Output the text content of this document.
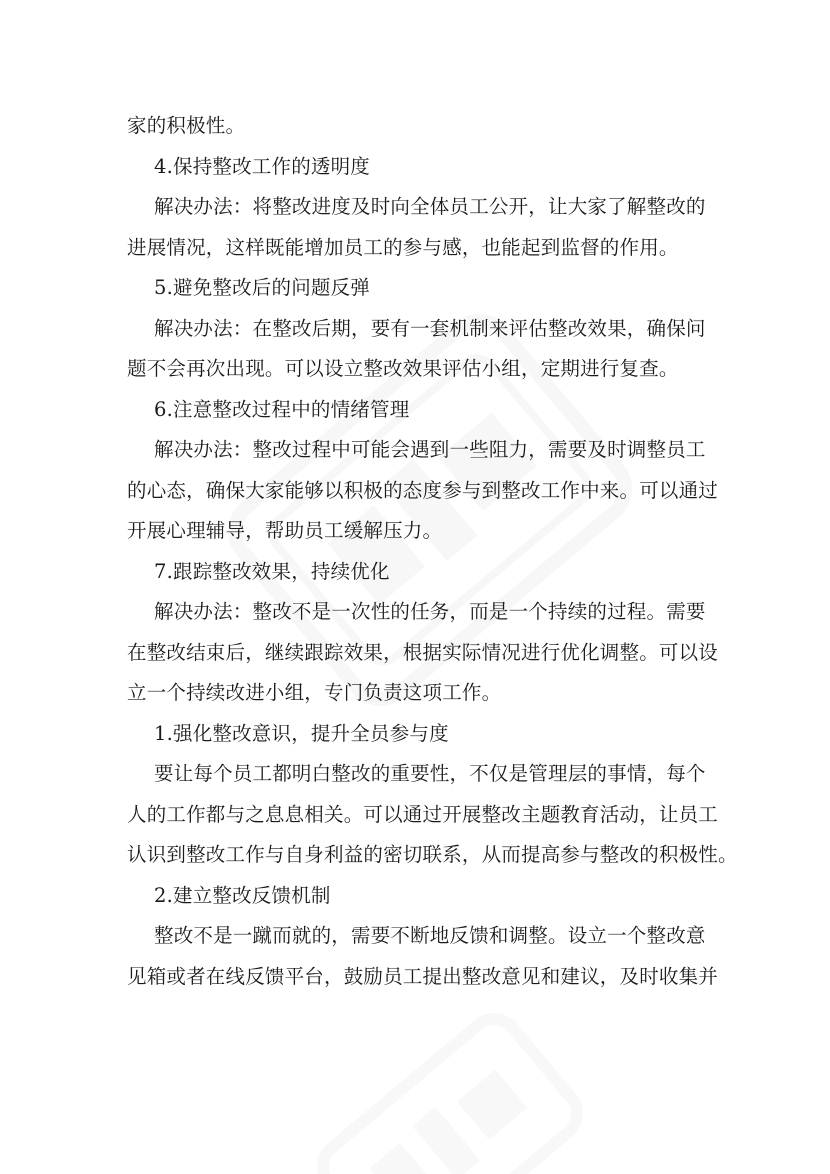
家的积极性。
4.保持整改工作的透明度
解决办法：将整改进度及时向全体员工公开，让大家了解整改的
进展情况，这样既能增加员工的参与感，也能起到监督的作用。
5.避免整改后的问题反弹
解决办法：在整改后期，要有一套机制来评估整改效果，确保问
题不会再次出现。可以设立整改效果评估小组，定期进行复查。
6.注意整改过程中的情绪管理
解决办法：整改过程中可能会遇到一些阻力，需要及时调整员工
的心态，确保大家能够以积极的态度参与到整改工作中来。可以通过
开展心理辅导，帮助员工缓解压力。
7.跟踪整改效果，持续优化
解决办法：整改不是一次性的任务，而是一个持续的过程。需要
在整改结束后，继续跟踪效果，根据实际情况进行优化调整。可以设
立一个持续改进小组，专门负责这项工作。
1.强化整改意识，提升全员参与度
要让每个员工都明白整改的重要性，不仅是管理层的事情，每个
人的工作都与之息息相关。可以通过开展整改主题教育活动，让员工
认识到整改工作与自身利益的密切联系，从而提高参与整改的积极性。
2.建立整改反馈机制
整改不是一蹴而就的，需要不断地反馈和调整。设立一个整改意
见箱或者在线反馈平台，鼓励员工提出整改意见和建议，及时收集并
